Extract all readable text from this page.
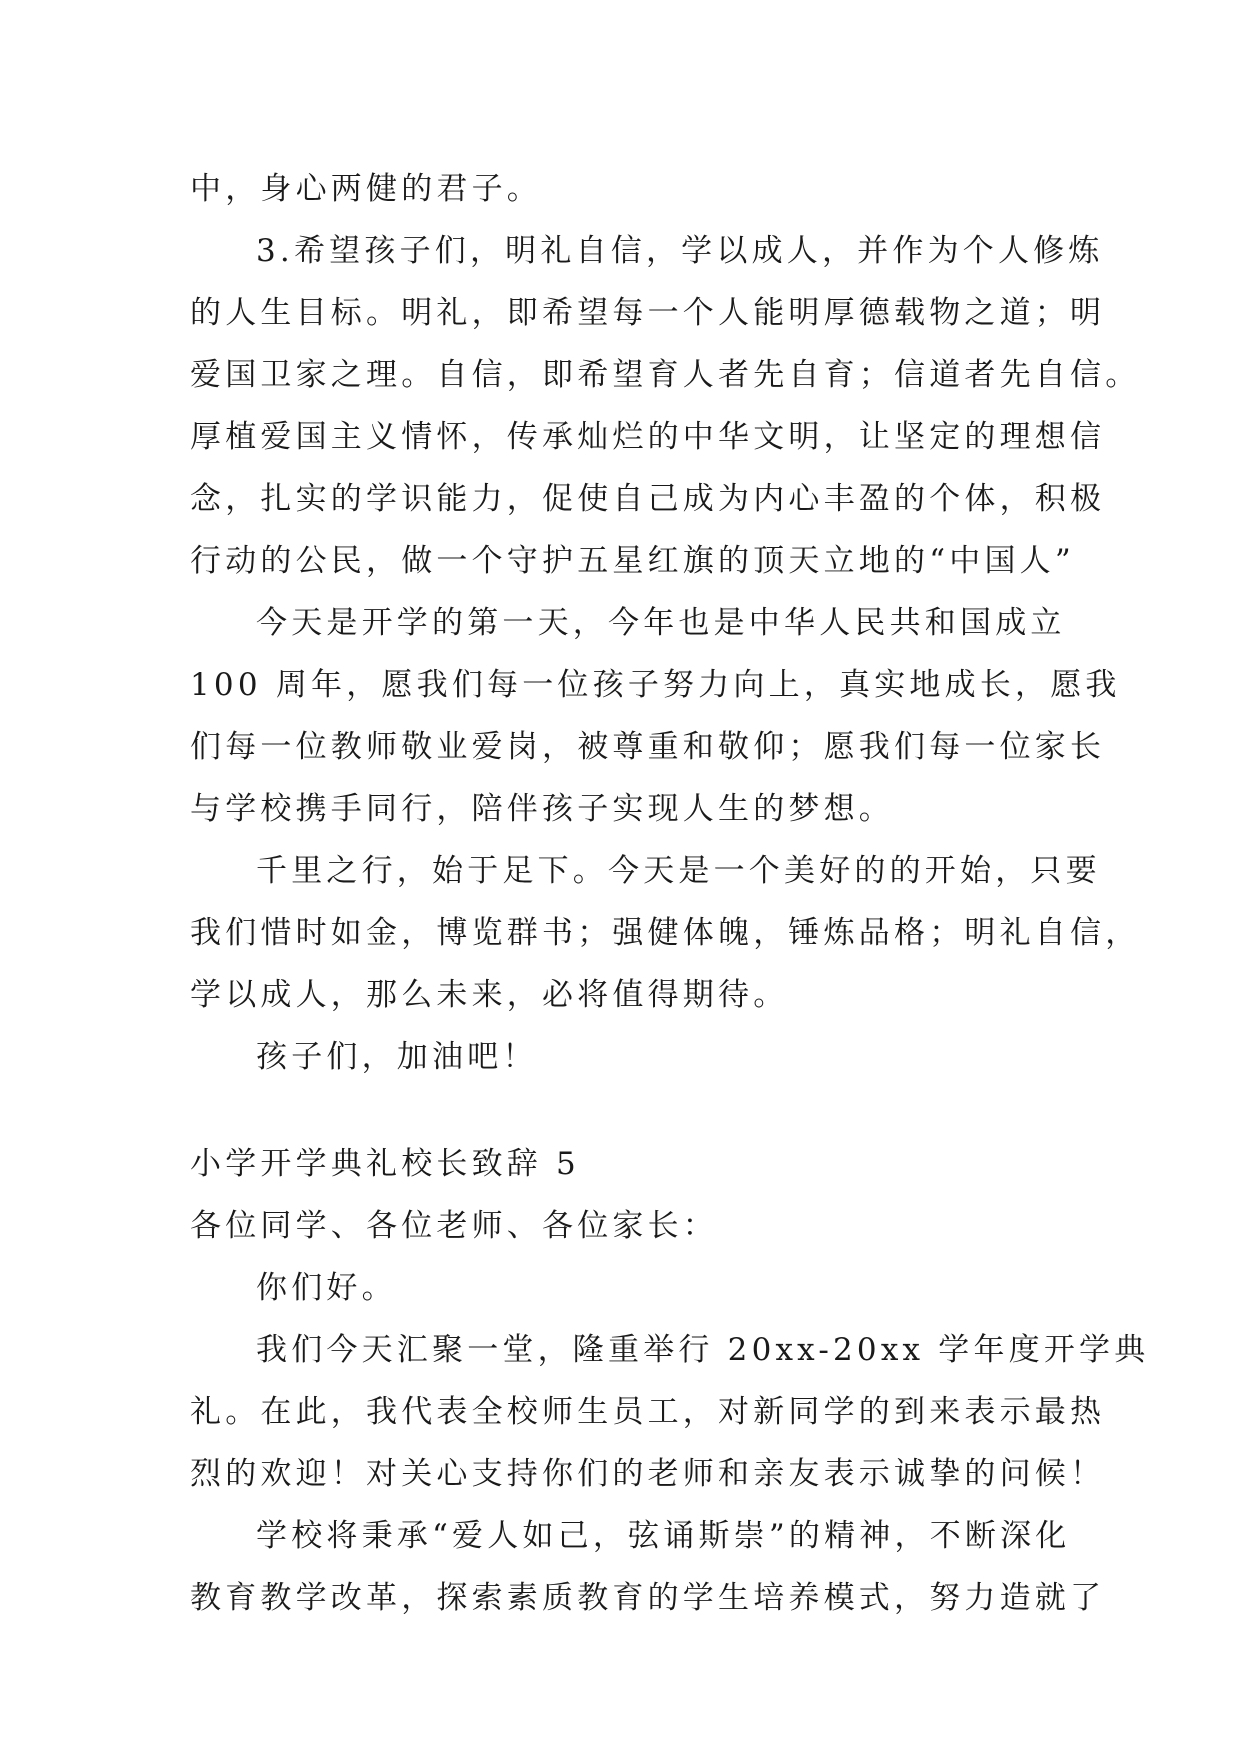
中，身心两健的君子。

3.希望孩子们，明礼自信，学以成人，并作为个人修炼

的人生目标。明礼，即希望每一个人能明厚德载物之道；明

爱国卫家之理。自信，即希望育人者先自育；信道者先自信。

厚植爱国主义情怀，传承灿烂的中华文明，让坚定的理想信

念，扎实的学识能力，促使自己成为内心丰盈的个体，积极

行动的公民，做一个守护五星红旗的顶天立地的“中国人”

今天是开学的第一天，今年也是中华人民共和国成立

100 周年，愿我们每一位孩子努力向上，真实地成长，愿我

们每一位教师敬业爱岗，被尊重和敬仰；愿我们每一位家长

与学校携手同行，陪伴孩子实现人生的梦想。

千里之行，始于足下。今天是一个美好的的开始，只要

我们惜时如金，博览群书；强健体魄，锤炼品格；明礼自信，

学以成人，那么未来，必将值得期待。

孩子们，加油吧！

小学开学典礼校长致辞 5

各位同学、各位老师、各位家长：

你们好。

我们今天汇聚一堂，隆重举行 20xx-20xx 学年度开学典

礼。在此，我代表全校师生员工，对新同学的到来表示最热

烈的欢迎！对关心支持你们的老师和亲友表示诚挚的问候！

学校将秉承“爱人如己，弦诵斯崇”的精神，不断深化

教育教学改革，探索素质教育的学生培养模式，努力造就了
